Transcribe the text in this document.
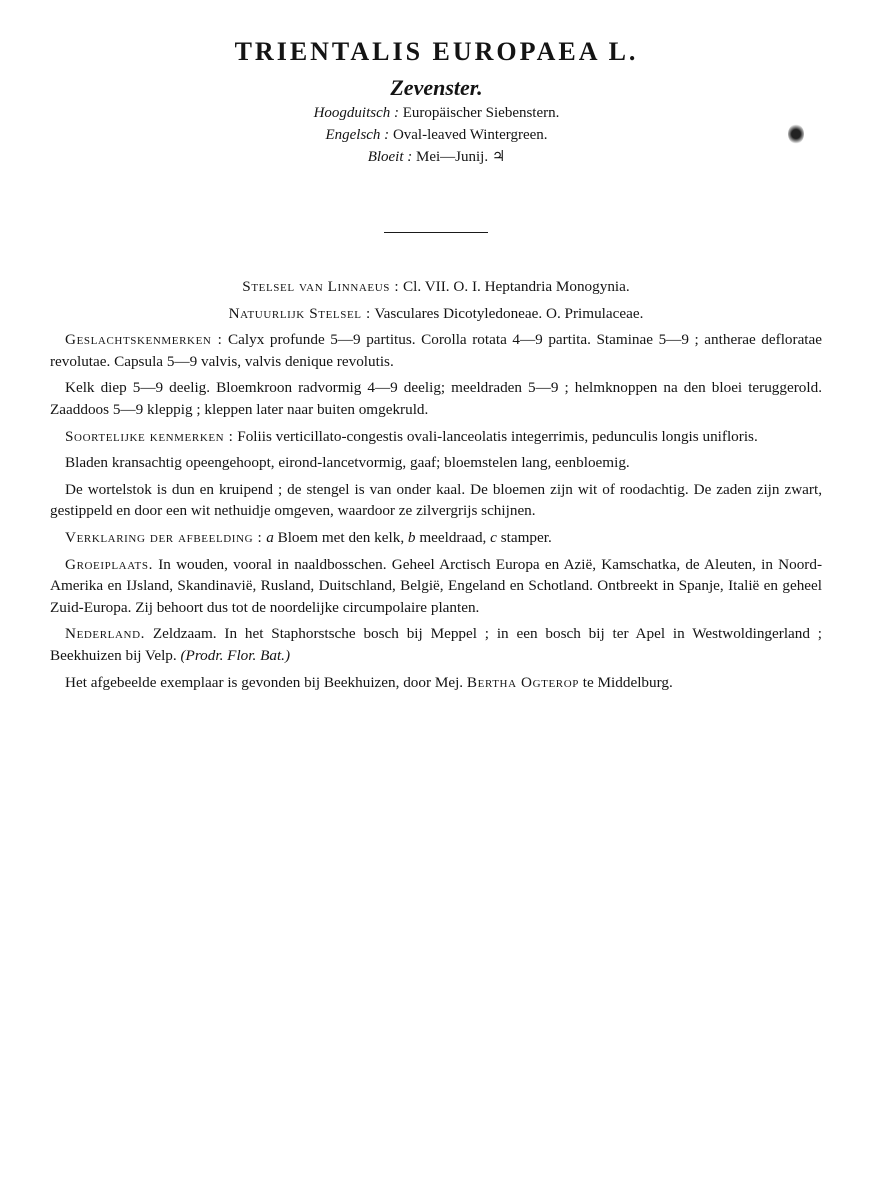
TRIENTALIS EUROPAEA L.
Zevenster.
Hoogduitsch : Europäischer Siebenstern.
Engelsch : Oval-leaved Wintergreen.
Bloeit : Mei—Junij. ♃

Stelsel van Linnaeus : Cl. VII. O. I. Heptandria Monogynia.

Natuurlijk Stelsel : Vasculares Dicotyledoneae. O. Primulaceae.

Geslachtskenmerken : Calyx profunde 5—9 partitus. Corolla rotata 4—9 partita. Staminae 5—9 ; antherae defloratae revolutae. Capsula 5—9 valvis, valvis denique revolutis.

Kelk diep 5—9 deelig. Bloemkroon radvormig 4—9 deelig; meeldraden 5—9 ; helmknoppen na den bloei teruggerold. Zaaddoos 5—9 kleppig ; kleppen later naar buiten omgekruld.

Soortelijke kenmerken : Foliis verticillato-congestis ovali-lanceolatis integerrimis, pedunculis longis unifloris.

Bladen kransachtig opeengehoopt, eirond-lancetvormig, gaaf; bloemstelen lang, eenbloemig.

De wortelstok is dun en kruipend ; de stengel is van onder kaal. De bloemen zijn wit of roodachtig. De zaden zijn zwart, gestippeld en door een wit nethuidje omgeven, waardoor ze zilvergrijs schijnen.

Verklaring der afbeelding : a Bloem met den kelk, b meeldraad, c stamper.

Groeiplaats. In wouden, vooral in naaldbosschen. Geheel Arctisch Europa en Azië, Kamschatka, de Aleuten, in Noord-Amerika en IJsland, Skandinavië, Rusland, Duitschland, België, Engeland en Schotland. Ontbreekt in Spanje, Italië en geheel Zuid-Europa. Zij behoort dus tot de noordelijke circumpolaire planten.

Nederland. Zeldzaam. In het Staphorstsche bosch bij Meppel ; in een bosch bij ter Apel in Westwoldingerland ; Beekhuizen bij Velp. (Prodr. Flor. Bat.)

Het afgebeelde exemplaar is gevonden bij Beekhuizen, door Mej. Bertha Ogterop te Middelburg.
